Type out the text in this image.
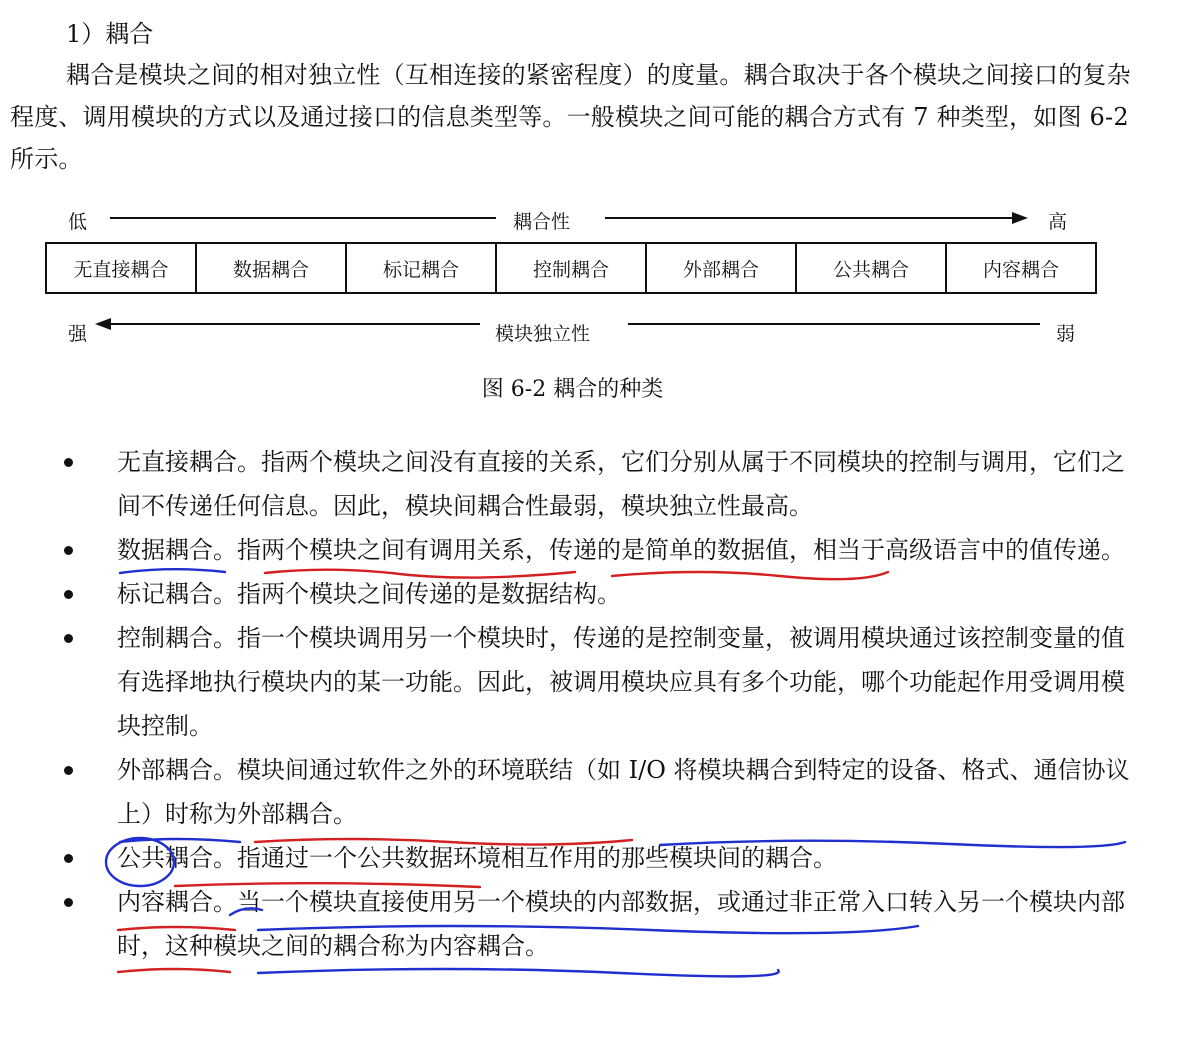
1）耦合
耦合是模块之间的相对独立性（互相连接的紧密程度）的度量。耦合取决于各个模块之间接口的复杂程度、调用模块的方式以及通过接口的信息类型等。一般模块之间可能的耦合方式有 7 种类型，如图 6-2 所示。
低	耦合性	高
无直接耦合	数据耦合	标记耦合	控制耦合	外部耦合	公共耦合	内容耦合
强	模块独立性	弱
图 6-2 耦合的种类
无直接耦合。指两个模块之间没有直接的关系，它们分别从属于不同模块的控制与调用，它们之间不传递任何信息。因此，模块间耦合性最弱，模块独立性最高。
数据耦合。指两个模块之间有调用关系，传递的是简单的数据值，相当于高级语言中的值传递。
标记耦合。指两个模块之间传递的是数据结构。
控制耦合。指一个模块调用另一个模块时，传递的是控制变量，被调用模块通过该控制变量的值有选择地执行模块内的某一功能。因此，被调用模块应具有多个功能，哪个功能起作用受调用模块控制。
外部耦合。模块间通过软件之外的环境联结（如 I/O 将模块耦合到特定的设备、格式、通信协议上）时称为外部耦合。
公共耦合。指通过一个公共数据环境相互作用的那些模块间的耦合。
内容耦合。当一个模块直接使用另一个模块的内部数据，或通过非正常入口转入另一个模块内部时，这种模块之间的耦合称为内容耦合。
